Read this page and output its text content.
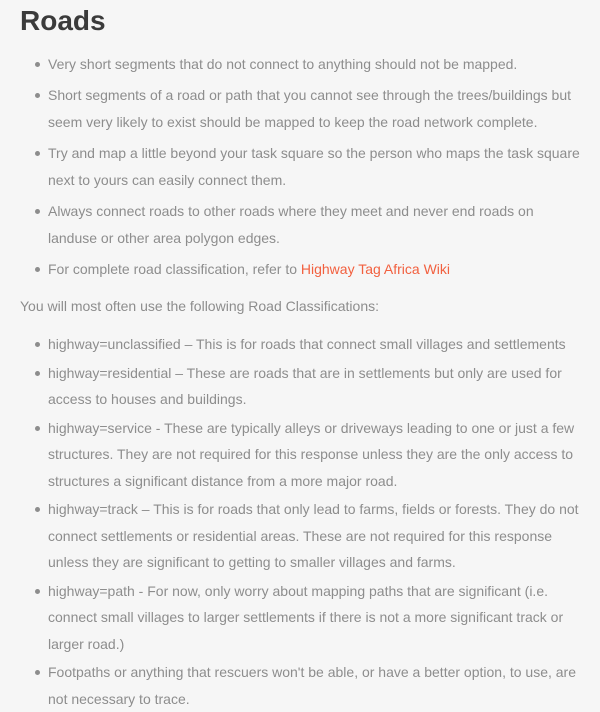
Roads
Very short segments that do not connect to anything should not be mapped.
Short segments of a road or path that you cannot see through the trees/buildings but seem very likely to exist should be mapped to keep the road network complete.
Try and map a little beyond your task square so the person who maps the task square next to yours can easily connect them.
Always connect roads to other roads where they meet and never end roads on landuse or other area polygon edges.
For complete road classification, refer to Highway Tag Africa Wiki

You will most often use the following Road Classifications:

highway=unclassified – This is for roads that connect small villages and settlements
highway=residential – These are roads that are in settlements but only are used for access to houses and buildings.
highway=service - These are typically alleys or driveways leading to one or just a few structures. They are not required for this response unless they are the only access to structures a significant distance from a more major road.
highway=track – This is for roads that only lead to farms, fields or forests. They do not connect settlements or residential areas. These are not required for this response unless they are significant to getting to smaller villages and farms.
highway=path - For now, only worry about mapping paths that are significant (i.e. connect small villages to larger settlements if there is not a more significant track or larger road.)
Footpaths or anything that rescuers won't be able, or have a better option, to use, are not necessary to trace.
